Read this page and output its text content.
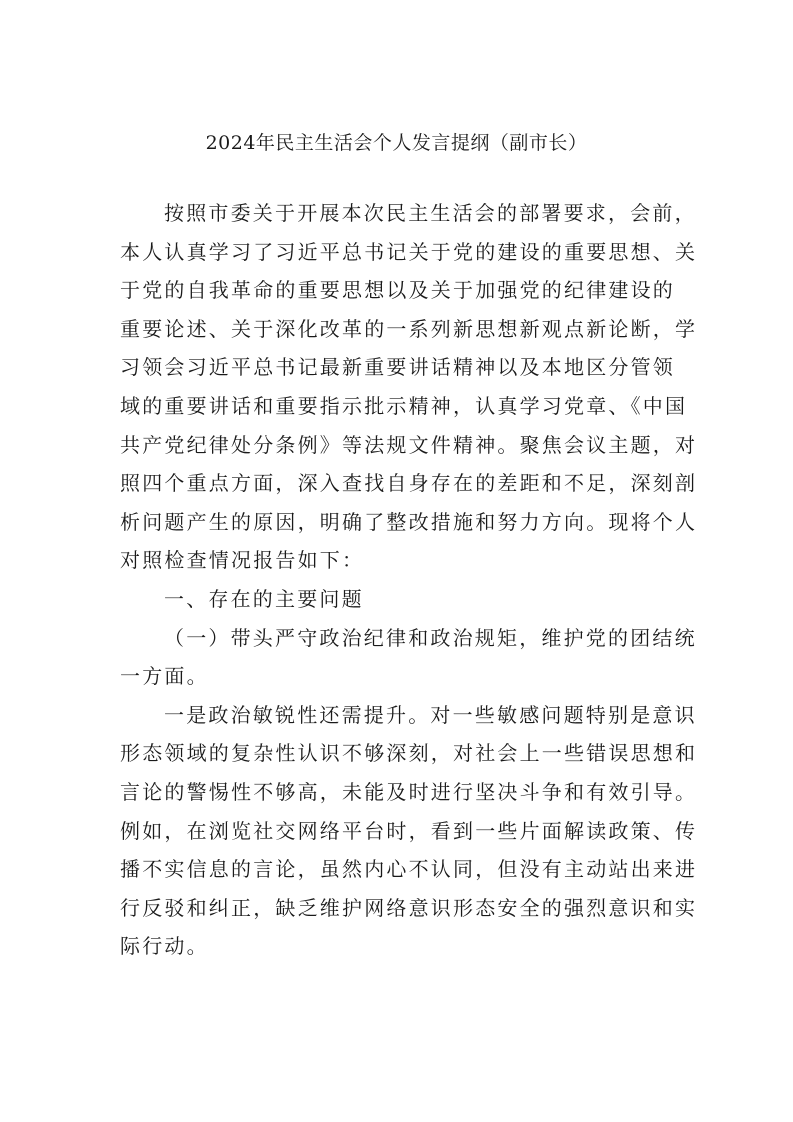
2024年民主生活会个人发言提纲（副市长）
按照市委关于开展本次民主生活会的部署要求，会前，
本人认真学习了习近平总书记关于党的建设的重要思想、关
于党的自我革命的重要思想以及关于加强党的纪律建设的
重要论述、关于深化改革的一系列新思想新观点新论断，学
习领会习近平总书记最新重要讲话精神以及本地区分管领
域的重要讲话和重要指示批示精神，认真学习党章、《中国
共产党纪律处分条例》等法规文件精神。聚焦会议主题，对
照四个重点方面，深入查找自身存在的差距和不足，深刻剖
析问题产生的原因，明确了整改措施和努力方向。现将个人
对照检查情况报告如下：
一、存在的主要问题
（一）带头严守政治纪律和政治规矩，维护党的团结统
一方面。
一是政治敏锐性还需提升。对一些敏感问题特别是意识
形态领域的复杂性认识不够深刻，对社会上一些错误思想和
言论的警惕性不够高，未能及时进行坚决斗争和有效引导。
例如，在浏览社交网络平台时，看到一些片面解读政策、传
播不实信息的言论，虽然内心不认同，但没有主动站出来进
行反驳和纠正，缺乏维护网络意识形态安全的强烈意识和实
际行动。
